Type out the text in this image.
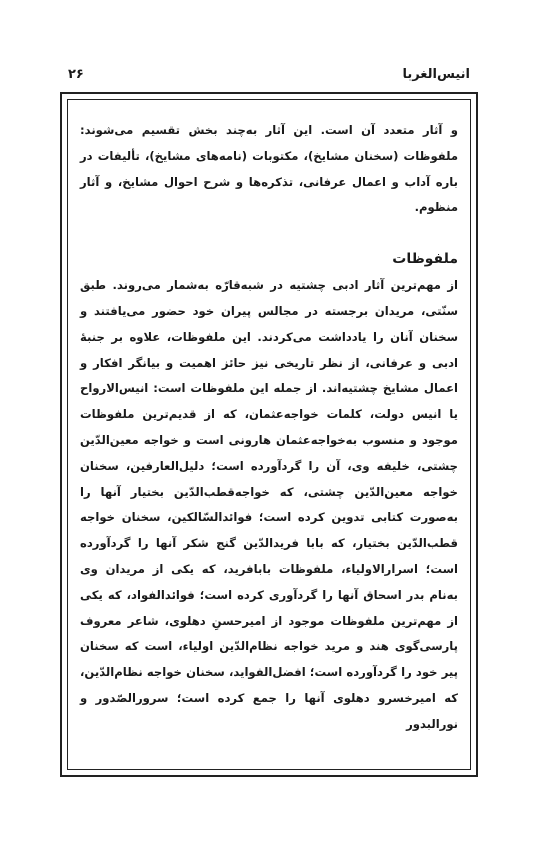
انیس‌الغربا
۲۶

و آثار متعدد آن است. این آثار به‌چند بخش تقسیم می‌شوند: ملفوظات (سخنان مشایخ)، مکتوبات (نامه‌های مشایخ)، تألیفات در باره آداب و اعمال عرفانی، تذکره‌ها و شرح احوال مشایخ، و آثار منظوم.

ملفوظات

از مهم‌ترین آثار ادبی چشتیه در شبه‌قارّه به‌شمار می‌روند. طبق سنّتی، مریدان برجسته در مجالس پیران خود حضور می‌یافتند و سخنان آنان را یادداشت می‌کردند. این ملفوظات، علاوه بر جنبهٔ ادبی و عرفانی، از نظر تاریخی نیز حائز اهمیت و بیانگر افکار و اعمال مشایخ چشتیه‌اند. از جمله این ملفوظات است: انیس‌الارواح یا انیس دولت، کلمات خواجه‌عثمان، که از قدیم‌ترین ملفوظات موجود و منسوب به‌خواجه‌عثمان هارونی است و خواجه معین‌الدّین چشتی، خلیفه وی، آن را گردآورده است؛ دلیل‌العارفین، سخنان خواجه معین‌الدّین چشتی، که خواجه‌قطب‌الدّین بختیار آنها را به‌صورت کتابی تدوین کرده است؛ فوائدالسّالکین، سخنان خواجه قطب‌الدّین بختیار، که بابا فریدالدّین گنج شکر آنها را گردآورده است؛ اسرارالاولیاء، ملفوظات بابافرید، که یکی از مریدان وی به‌نام بدر اسحاق آنها را گردآوری کرده است؛ فوائدالفواد، که یکی از مهم‌ترین ملفوظات موجود از امیرحسنِ دهلوی، شاعر معروف پارسی‌گوی هند و مرید خواجه نظام‌الدّین اولیاء، است که سخنان پیر خود را گردآورده است؛ افضل‌الفواید، سخنان خواجه نظام‌الدّین، که امیرخسرو دهلوی آنها را جمع کرده است؛ سرورالصّدور و نورالبدور
